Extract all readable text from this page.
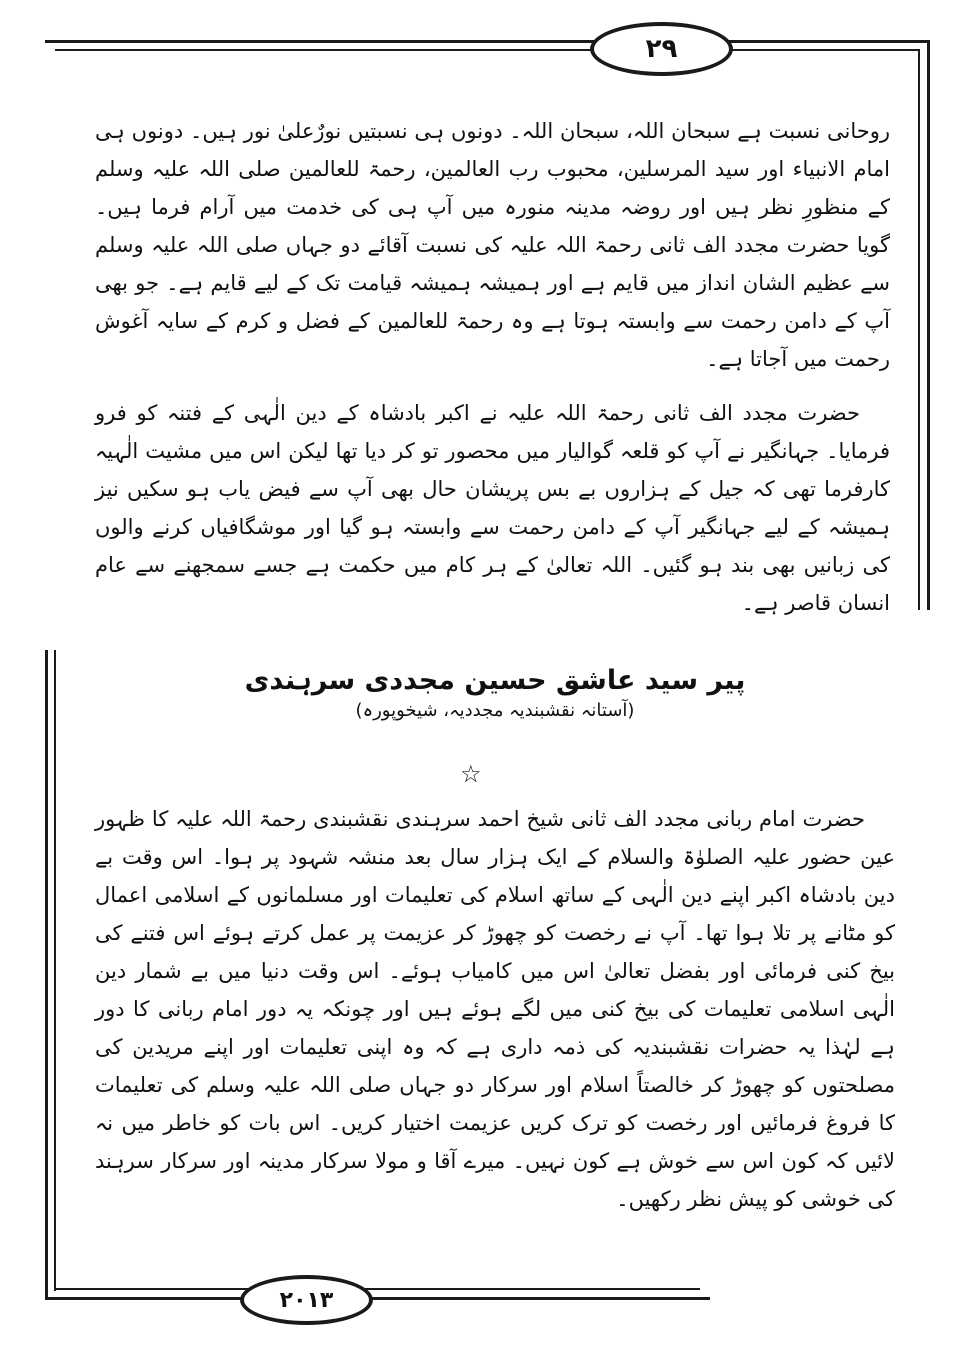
۲۹
۲۰۱۳

روحانی نسبت ہے سبحان اللہ، سبحان اللہ۔ دونوں ہی نسبتیں نورٌعلیٰ نور ہیں۔ دونوں ہی امام الانبیاء اور سید المرسلین، محبوب رب العالمین، رحمۃ للعالمین صلی اللہ علیہ وسلم کے منظورِ نظر ہیں اور روضہ مدینہ منورہ میں آپ ہی کی خدمت میں آرام فرما ہیں۔ گویا حضرت مجدد الف ثانی رحمۃ اللہ علیہ کی نسبت آقائے دو جہاں صلی اللہ علیہ وسلم سے عظیم الشان انداز میں قایم ہے اور ہمیشہ ہمیشہ قیامت تک کے لیے قایم ہے۔ جو بھی آپ کے دامن رحمت سے وابستہ ہوتا ہے وہ رحمۃ للعالمین کے فضل و کرم کے سایہ آغوش رحمت میں آجاتا ہے۔

حضرت مجدد الف ثانی رحمۃ اللہ علیہ نے اکبر بادشاہ کے دین الٰہی کے فتنہ کو فرو فرمایا۔ جہانگیر نے آپ کو قلعہ گوالیار میں محصور تو کر دیا تھا لیکن اس میں مشیت الٰہیہ کارفرما تھی کہ جیل کے ہزاروں بے بس پریشان حال بھی آپ سے فیض یاب ہو سکیں نیز ہمیشہ کے لیے جہانگیر آپ کے دامن رحمت سے وابستہ ہو گیا اور موشگافیاں کرنے والوں کی زبانیں بھی بند ہو گئیں۔ اللہ تعالیٰ کے ہر کام میں حکمت ہے جسے سمجھنے سے عام انسان قاصر ہے۔

پیر سید عاشق حسین مجددی سرہندی
(آستانہ نقشبندیہ مجددیہ، شیخوپورہ)
☆

حضرت امام ربانی مجدد الف ثانی شیخ احمد سرہندی نقشبندی رحمۃ اللہ علیہ کا ظہور عین حضور علیہ الصلوٰۃ والسلام کے ایک ہزار سال بعد منشہ شہود پر ہوا۔ اس وقت بے دین بادشاہ اکبر اپنے دین الٰہی کے ساتھ اسلام کی تعلیمات اور مسلمانوں کے اسلامی اعمال کو مٹانے پر تلا ہوا تھا۔ آپ نے رخصت کو چھوڑ کر عزیمت پر عمل کرتے ہوئے اس فتنے کی بیخ کنی فرمائی اور بفضل تعالیٰ اس میں کامیاب ہوئے۔ اس وقت دنیا میں بے شمار دین الٰہی اسلامی تعلیمات کی بیخ کنی میں لگے ہوئے ہیں اور چونکہ یہ دور امام ربانی کا دور ہے لہٰذا یہ حضرات نقشبندیہ کی ذمہ داری ہے کہ وہ اپنی تعلیمات اور اپنے مریدین کی مصلحتوں کو چھوڑ کر خالصتاً اسلام اور سرکار دو جہاں صلی اللہ علیہ وسلم کی تعلیمات کا فروغ فرمائیں اور رخصت کو ترک کریں عزیمت اختیار کریں۔ اس بات کو خاطر میں نہ لائیں کہ کون اس سے خوش ہے کون نہیں۔ میرے آقا و مولا سرکار مدینہ اور سرکار سرہند کی خوشی کو پیش نظر رکھیں۔
